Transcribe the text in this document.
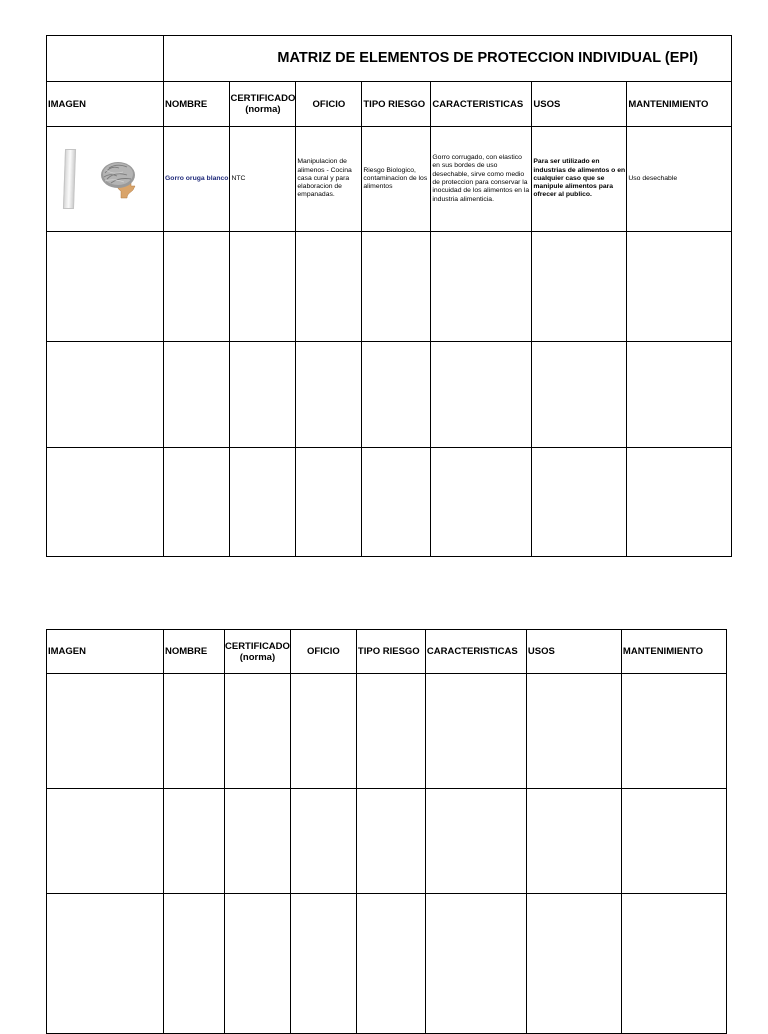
	MATRIZ DE ELEMENTOS DE PROTECCION INDIVIDUAL (EPI)						
IMAGEN	NOMBRE	CERTIFICADO (norma)	OFICIO	TIPO RIESGO	CARACTERISTICAS	USOS	MANTENIMIENTO

	Gorro oruga blanco	NTC	Manipulacion de alimenos - Cocina casa cural y para elaboracion de empanadas.	Riesgo Biologico, contaminacion de los alimentos	Gorro corrugado, con elastico en sus bordes de uso desechable, sirve como medio de proteccion para conservar la inocuidad de los alimentos en la industria alimenticia.	Para ser utilizado en industrias de alimentos o en cualquier caso que se manipule alimentos para ofrecer al publico.	Uso desechable

IMAGEN	NOMBRE	CERTIFICADO (norma)	OFICIO	TIPO RIESGO	CARACTERISTICAS	USOS	MANTENIMIENTO
